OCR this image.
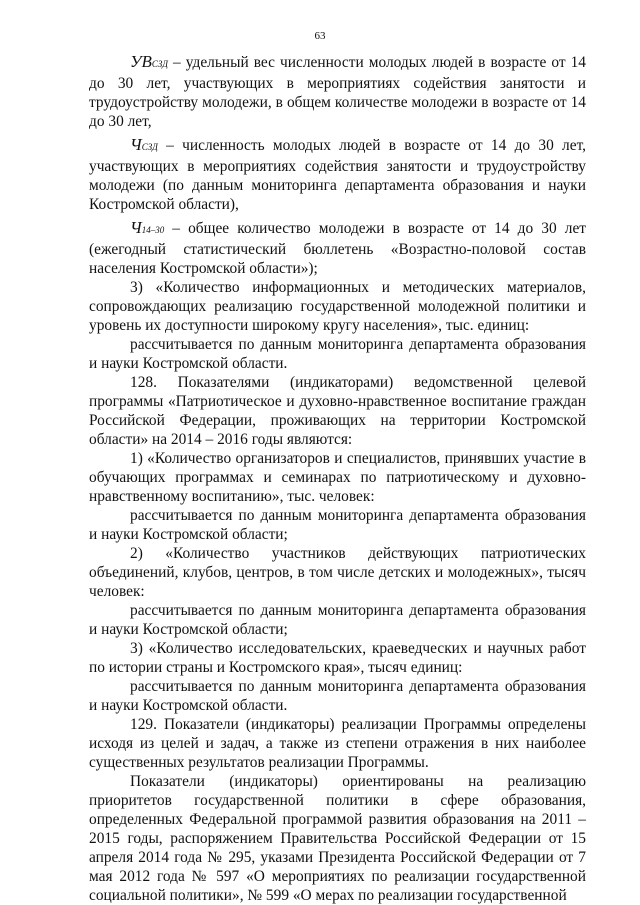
63

УВСЗД – удельный вес численности молодых людей в возрасте от 14 до 30 лет, участвующих в мероприятиях содействия занятости и трудоустройству молодежи, в общем количестве молодежи в возрасте от 14 до 30 лет,

ЧСЗД – численность молодых людей в возрасте от 14 до 30 лет, участвующих в мероприятиях содействия занятости и трудоустройству молодежи (по данным мониторинга департамента образования и науки Костромской области),

Ч14–30 – общее количество молодежи в возрасте от 14 до 30 лет (ежегодный статистический бюллетень «Возрастно-половой состав населения Костромской области»);

3) «Количество информационных и методических материалов, сопровождающих реализацию государственной молодежной политики и уровень их доступности широкому кругу населения», тыс. единиц:

рассчитывается по данным мониторинга департамента образования и науки Костромской области.

128. Показателями (индикаторами) ведомственной целевой программы «Патриотическое и духовно-нравственное воспитание граждан Российской Федерации, проживающих на территории Костромской области» на 2014 – 2016 годы являются:

1) «Количество организаторов и специалистов, принявших участие в обучающих программах и семинарах по патриотическому и духовно-нравственному воспитанию», тыс. человек:

рассчитывается по данным мониторинга департамента образования и науки Костромской области;

2) «Количество участников действующих патриотических объединений, клубов, центров, в том числе детских и молодежных», тысяч человек:

рассчитывается по данным мониторинга департамента образования и науки Костромской области;

3) «Количество исследовательских, краеведческих и научных работ по истории страны и Костромского края», тысяч единиц:

рассчитывается по данным мониторинга департамента образования и науки Костромской области.

129. Показатели (индикаторы) реализации Программы определены исходя из целей и задач, а также из степени отражения в них наиболее существенных результатов реализации Программы.

Показатели (индикаторы) ориентированы на реализацию приоритетов государственной политики в сфере образования, определенных Федеральной программой развития образования на 2011 – 2015 годы, распоряжением Правительства Российской Федерации от 15 апреля 2014 года № 295, указами Президента Российской Федерации от 7 мая 2012 года № 597 «О мероприятиях по реализации государственной социальной политики», № 599 «О мерах по реализации государственной
